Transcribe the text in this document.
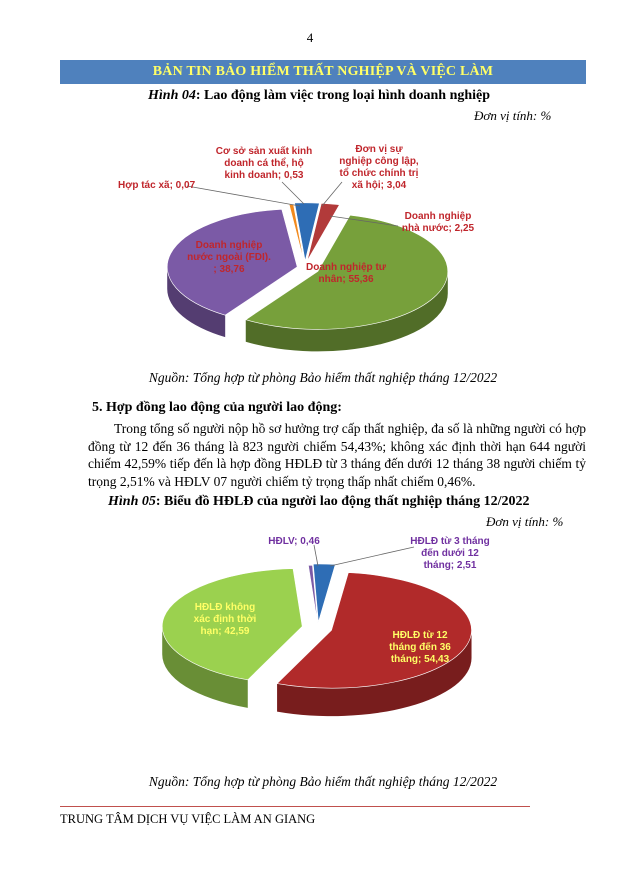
4
BẢN TIN BẢO HIỂM THẤT NGHIỆP VÀ VIỆC LÀM
Hình 04: Lao động làm việc trong loại hình doanh nghiệp
Đơn vị tính: %
Cơ sở sản xuất kinh doanh cá thể, hộ kinh doanh; 0,53
Đơn vị sự nghiệp công lập, tổ chức chính trị xã hội; 3,04
Hợp tác xã; 0,07
Doanh nghiệp nhà nước; 2,25
Doanh nghiệp nước ngoài (FDI). ; 38,76	Doanh nghiệp tư nhân; 55,36
Nguồn: Tổng hợp từ phòng Bảo hiểm thất nghiệp tháng 12/2022
5. Hợp đồng lao động của người lao động:
Trong tổng số người nộp hồ sơ hưởng trợ cấp thất nghiệp, đa số là những người có hợp đồng từ 12 đến 36 tháng là 823 người chiếm 54,43%; không xác định thời hạn 644 người chiếm 42,59% tiếp đến là hợp đồng HĐLĐ từ 3 tháng đến dưới 12 tháng 38 người chiếm tỷ trọng 2,51% và HĐLV 07 người chiếm tỷ trọng thấp nhất chiếm 0,46%.
Hình 05: Biểu đồ HĐLĐ của người lao động thất nghiệp tháng 12/2022
Đơn vị tính: %
HĐLV; 0,46	HĐLĐ từ 3 tháng đến dưới 12 tháng; 2,51
HĐLĐ không xác định thời hạn; 42,59	HĐLĐ từ 12 tháng đến 36 tháng; 54,43
Nguồn: Tổng hợp từ phòng Bảo hiểm thất nghiệp tháng 12/2022
TRUNG TÂM DỊCH VỤ VIỆC LÀM AN GIANG
